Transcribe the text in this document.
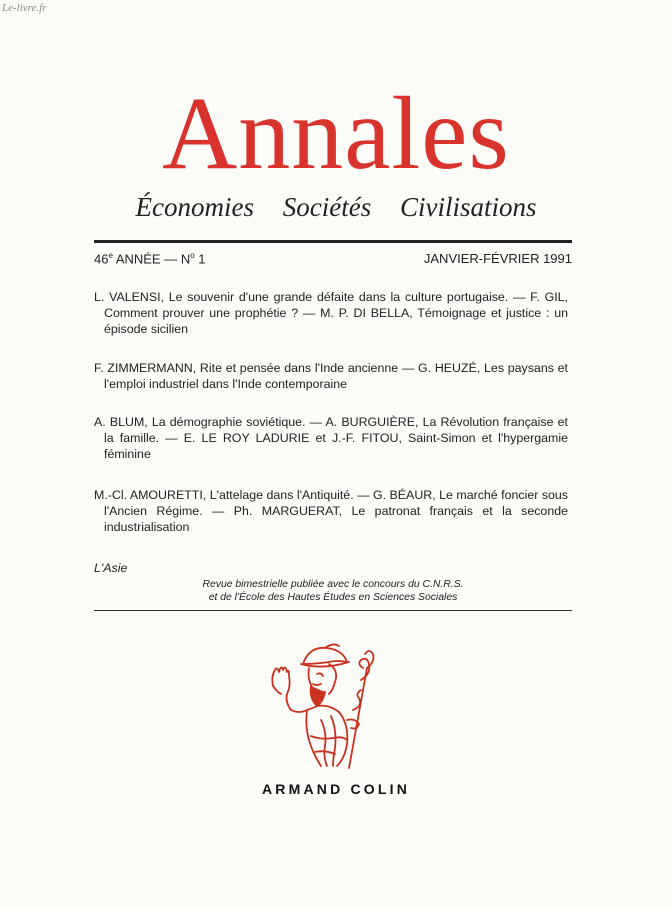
Le-livre.fr
Annales
Économies Sociétés Civilisations
46e ANNÉE — $N^o$ 1	JANVIER-FÉVRIER 1991
L. VALENSI, Le souvenir d'une grande défaite dans la culture portugaise. — F. GIL, Comment prouver une prophétie ? — M. P. DI BELLA, Témoignage et justice : un épisode sicilien
F. ZIMMERMANN, Rite et pensée dans l'Inde ancienne — G. HEUZÉ, Les paysans et l'emploi industriel dans l'Inde contemporaine
A. BLUM, La démographie soviétique. — A. BURGUIÈRE, La Révolution française et la famille. — E. LE ROY LADURIE et J.-F. FITOU, Saint-Simon et l'hypergamie féminine
M.-Cl. AMOURETTI, L'attelage dans l'Antiquité. — G. BÉAUR, Le marché foncier sous l'Ancien Régime. — Ph. MARGUERAT, Le patronat français et la seconde industrialisation
L'Asie
Revue bimestrielle publiée avec le concours du C.N.R.S.
et de l'École des Hautes Études en Sciences Sociales
ARMAND COLIN
